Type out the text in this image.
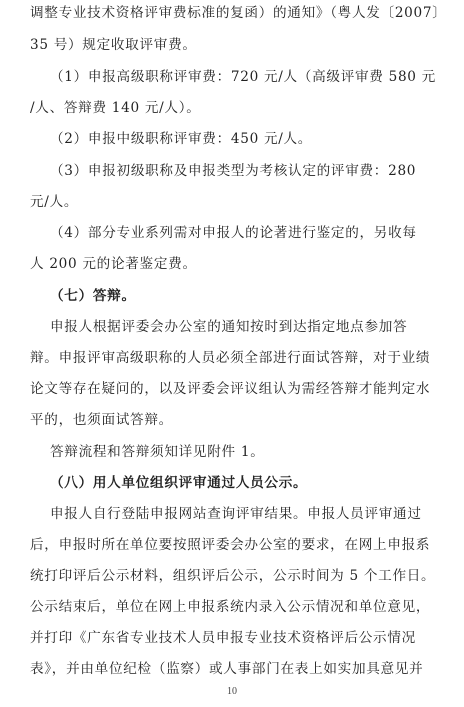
调整专业技术资格评审费标准的复函）的通知》（粤人发〔2007〕
35 号）规定收取评审费。
（1）申报高级职称评审费：720 元/人（高级评审费 580 元
/人、答辩费 140 元/人）。
（2）申报中级职称评审费：450 元/人。
（3）申报初级职称及申报类型为考核认定的评审费：280
元/人。
（4）部分专业系列需对申报人的论著进行鉴定的，另收每
人 200 元的论著鉴定费。
（七）答辩。
申报人根据评委会办公室的通知按时到达指定地点参加答
辩。申报评审高级职称的人员必须全部进行面试答辩，对于业绩
论文等存在疑问的，以及评委会评议组认为需经答辩才能判定水
平的，也须面试答辩。
答辩流程和答辩须知详见附件 1。
（八）用人单位组织评审通过人员公示。
申报人自行登陆申报网站查询评审结果。申报人员评审通过
后，申报时所在单位要按照评委会办公室的要求，在网上申报系
统打印评后公示材料，组织评后公示，公示时间为 5 个工作日。
公示结束后，单位在网上申报系统内录入公示情况和单位意见，
并打印《广东省专业技术人员申报专业技术资格评后公示情况
表》，并由单位纪检（监察）或人事部门在表上如实加具意见并
10
